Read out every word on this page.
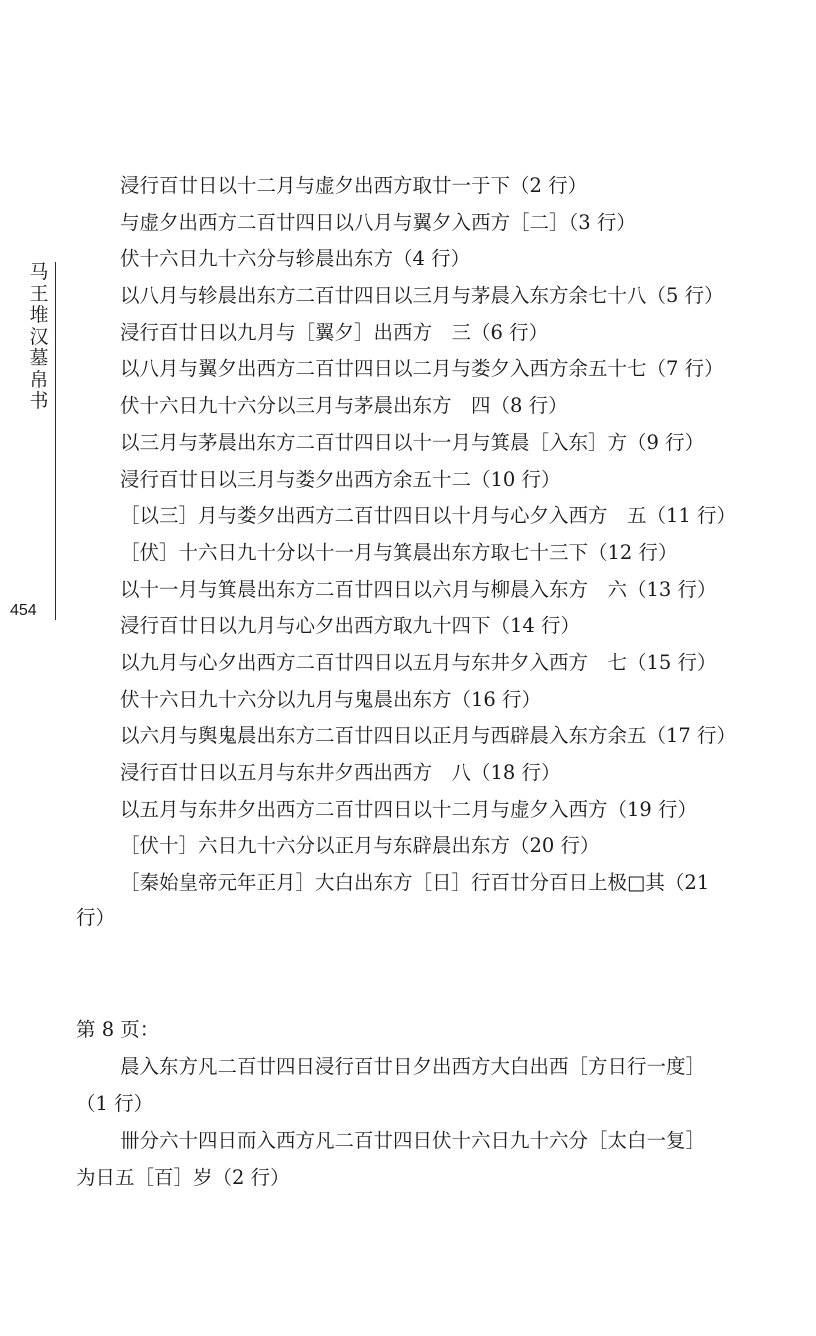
马王堆汉墓帛书
454
浸行百廿日以十二月与虚夕出西方取廿一于下（2 行）
与虚夕出西方二百廿四日以八月与翼夕入西方［二］（3 行）
伏十六日九十六分与轸晨出东方（4 行）
以八月与轸晨出东方二百廿四日以三月与茅晨入东方余七十八（5 行）
浸行百廿日以九月与［翼夕］出西方　三（6 行）
以八月与翼夕出西方二百廿四日以二月与娄夕入西方余五十七（7 行）
伏十六日九十六分以三月与茅晨出东方　四（8 行）
以三月与茅晨出东方二百廿四日以十一月与箕晨［入东］方（9 行）
浸行百廿日以三月与娄夕出西方余五十二（10 行）
［以三］月与娄夕出西方二百廿四日以十月与心夕入西方　五（11 行）
［伏］十六日九十分以十一月与箕晨出东方取七十三下（12 行）
以十一月与箕晨出东方二百廿四日以六月与柳晨入东方　六（13 行）
浸行百廿日以九月与心夕出西方取九十四下（14 行）
以九月与心夕出西方二百廿四日以五月与东井夕入西方　七（15 行）
伏十六日九十六分以九月与鬼晨出东方（16 行）
以六月与舆鬼晨出东方二百廿四日以正月与西辟晨入东方余五（17 行）
浸行百廿日以五月与东井夕西出西方　八（18 行）
以五月与东井夕出西方二百廿四日以十二月与虚夕入西方（19 行）
［伏十］六日九十六分以正月与东辟晨出东方（20 行）
［秦始皇帝元年正月］大白出东方［日］行百廿分百日上极□其（21
行）
第 8 页：
晨入东方凡二百廿四日浸行百廿日夕出西方大白出西［方日行一度］
（1 行）
卌分六十四日而入西方凡二百廿四日伏十六日九十六分［太白一复］
为日五［百］岁（2 行）
